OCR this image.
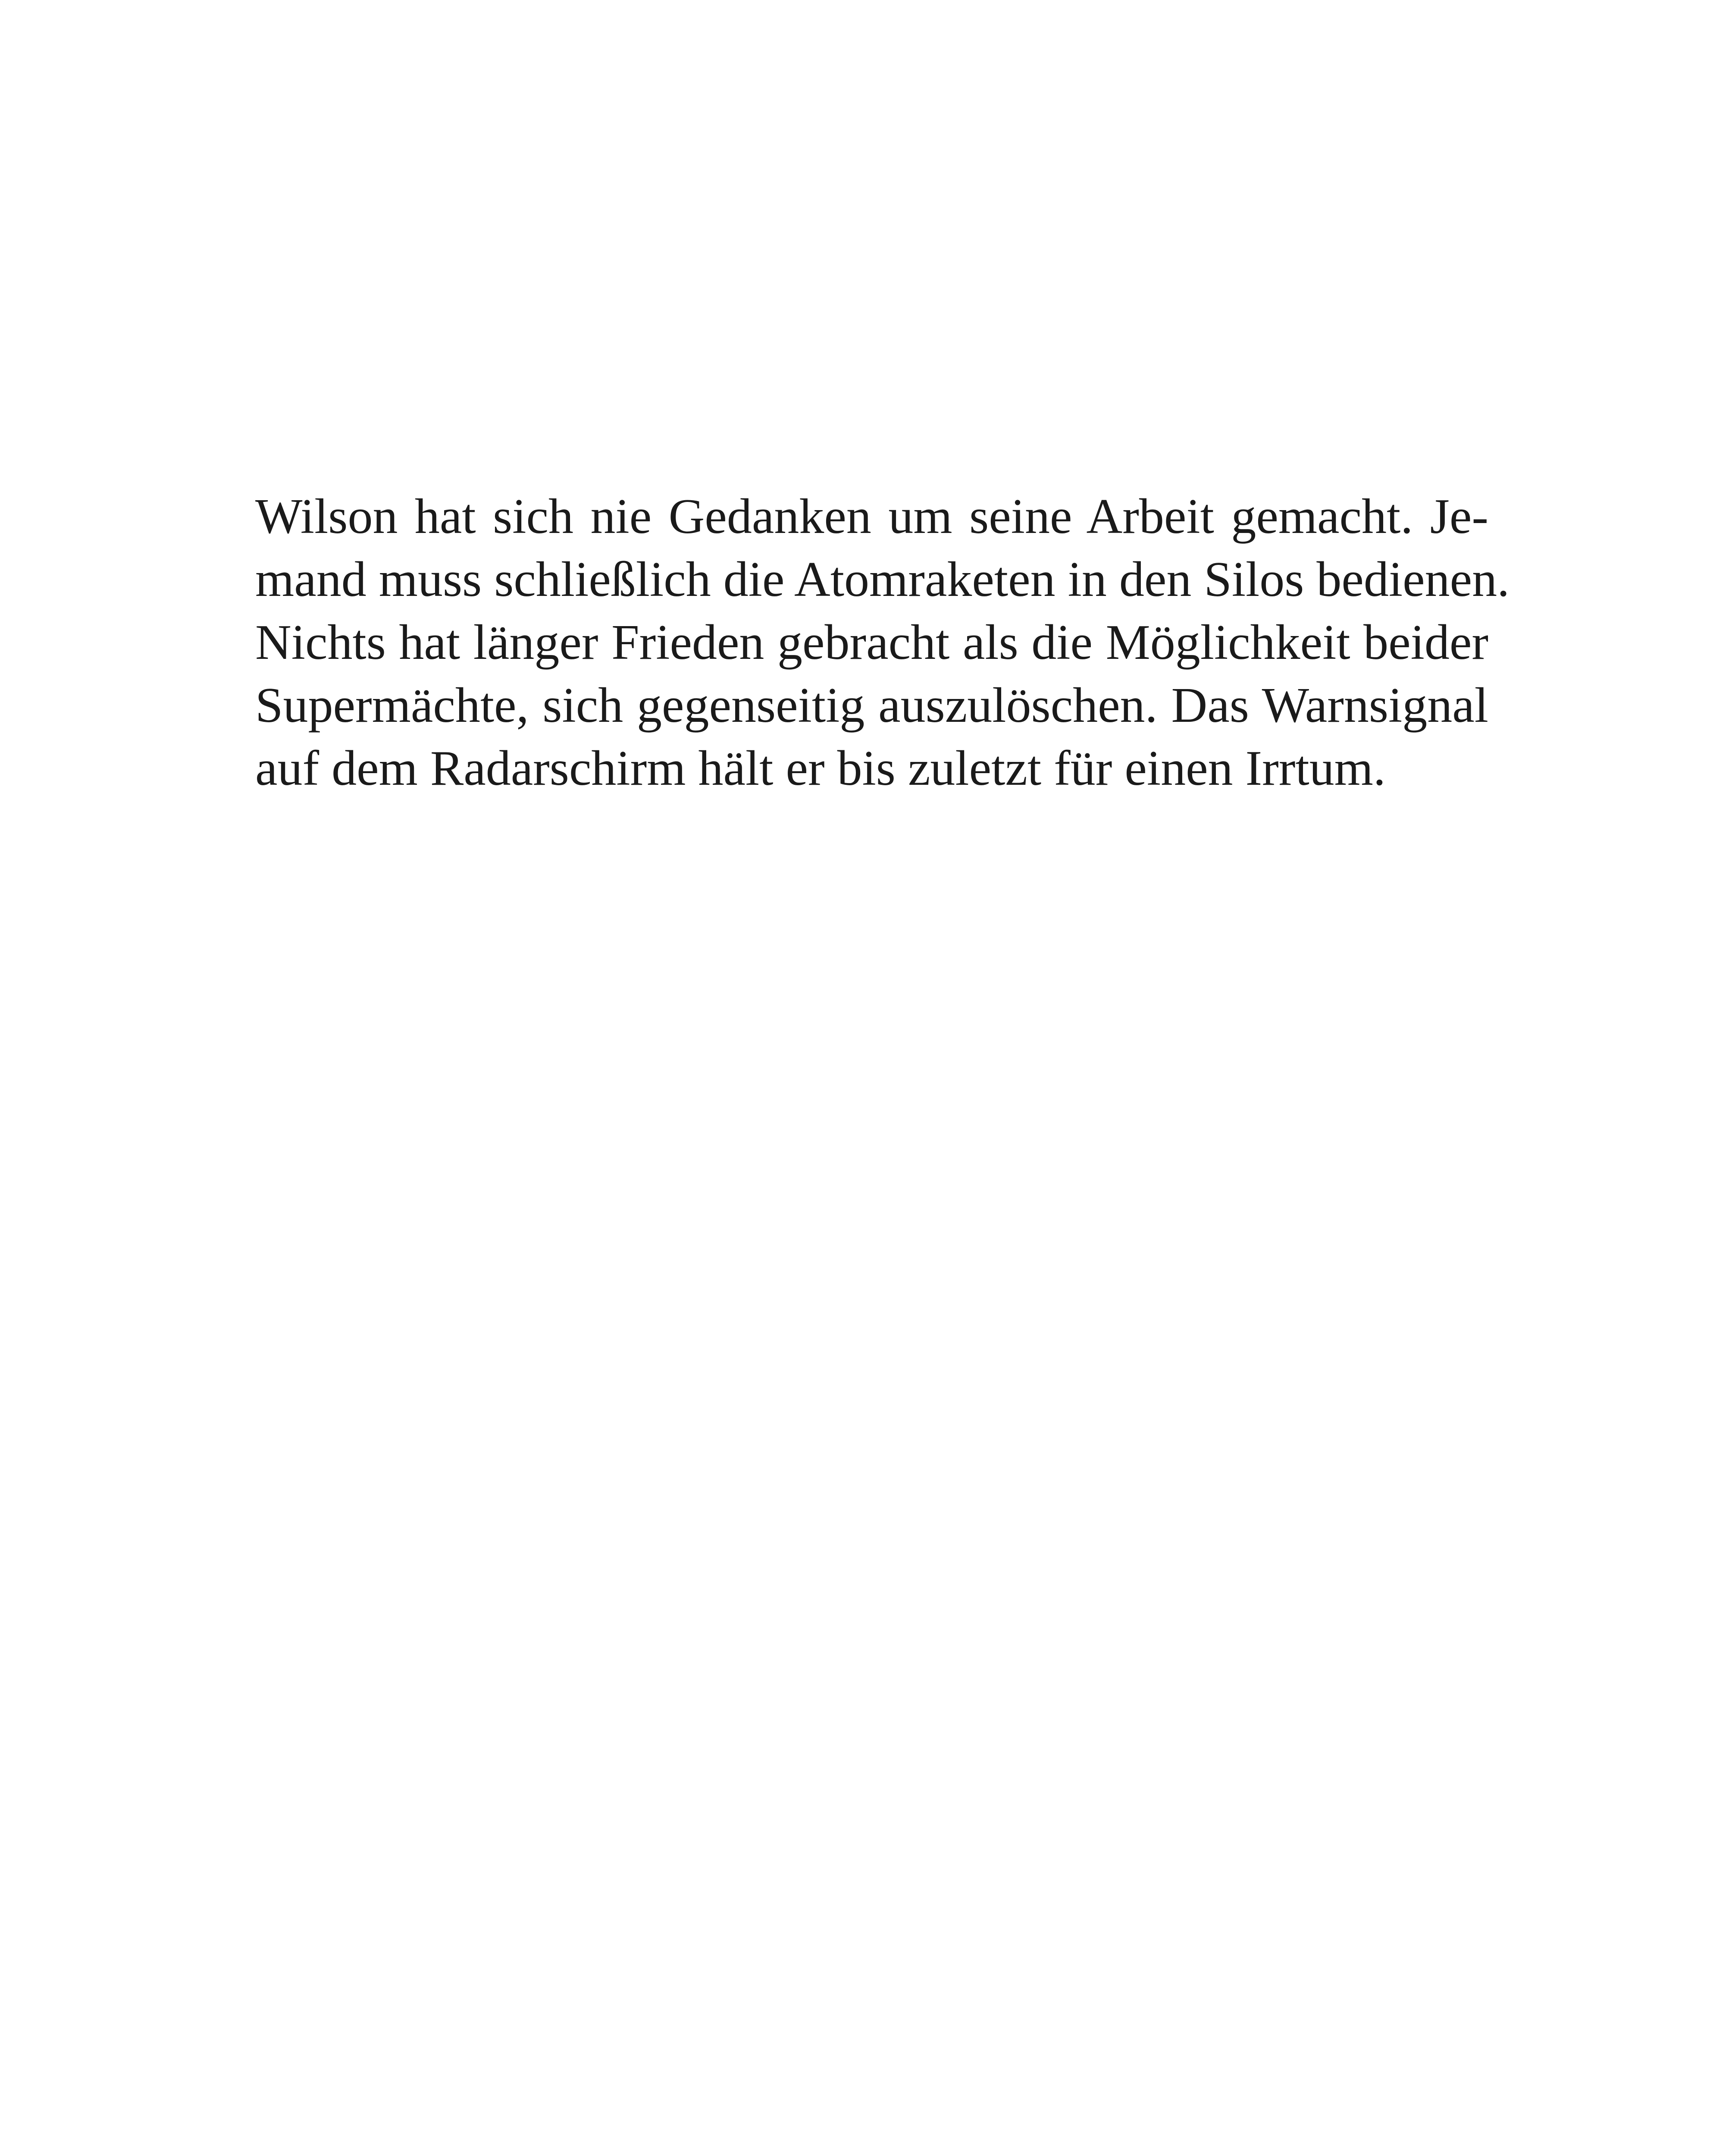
Wilson hat sich nie Gedanken um seine Arbeit gemacht. Je-
mand muss schließlich die Atomraketen in den Silos bedienen.
Nichts hat länger Frieden gebracht als die Möglichkeit beider
Supermächte, sich gegenseitig auszulöschen. Das Warnsignal
auf dem Radarschirm hält er bis zuletzt für einen Irrtum.
